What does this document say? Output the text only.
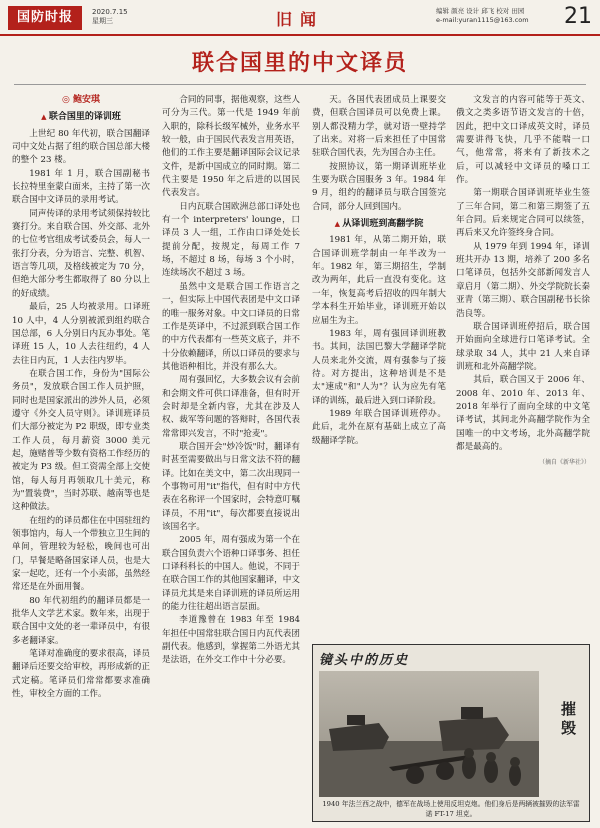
国防时报	2020.7.15
星期三	旧闻	编辑 颜亮 设计 邱飞 校对 田园
e-mail:yuran1115@163.com	21
联合国里的中文译员
◎ 鲍安琪
▲ 联合国里的译训班

上世纪 80 年代初，联合国翻译司中文处占据了组约联合国总部大楼的整个 23 楼。

1981 年 1 月，联合国副秘书长拉特里奎蒙白面来，主持了第一次联合国中文译员的录用考试。

同声传译的录用考试须保持较比赛打分。来自联合国、外交部、北外的七位考官组成考试委员会，每人一张打分表，分为语言、完整、机智、语言等几项，及格线被定为 70 分，但绝大部分考生都取得了 80 分以上的好成绩。

最后，25 人均被录用。口译班 10 人中，4 人分别被派到组约联合国总部，6 人分别日内瓦办事处。笔译班 15 人，10 人去往纽约，4 人去往日内瓦，1 人去往内罗毕。

在联合国工作，身份为"国际公务员"，发放联合国工作人员护照，同时也是国家派出的涉外人员，必须遵守《外交人员守则》。译训班译员们大部分被定为 P2 职级，即专业类工作人员，每月薪资 3000 美元起，施赌普等少数有资格工作经历的被定为 P3 级。但工资需全部上交使馆，每人每月再领取几十美元，称为"置装费"，当时苏联、越南等也是这种做法。

在纽约的译员都住在中国驻纽约领事馆内，每人一个带独立卫生间的单间，管理较为轻松，晚间也可出门，早餐是略备国家译人员，也是大家一起吃，还有一个小卖部，虽然经常还是在外面用餐。

80 年代初组约的翻译员都是一批华人文学艺术家。数年来，出现于联合国中文处的老一辈译员中，有很多老翻译家。

笔译对准确度的要求很高，译员翻译后还要交给审校，再形成新的正式定稿。笔译员们常常都要求准确性，审校全方面的工作。

合同的同事，据他观察，这些人可分为三代。第一代是 1949 年前入职的，除科长级军械外，业务水平较一般，由于国民代表发言用英语，他们的工作主要是翻译国际会议记录文件，是新中国成立的同时期。第二代主要是 1950 年之后进的以国民代表发言。

日内瓦联合国欧洲总部口译处也有一个 interpreters' lounge，口译员 3 人一组，工作由口译处处长提前分配，按规定，每周工作 7 场，不超过 8 场，每场 3 个小时，连续场次不超过 3 场。

虽然中文是联合国工作语言之一，但实际上中国代表团是中文口译的唯一服务对象。中文口译员的日常工作是英译中，不过派到联合国工作的中方代表都有一些英文底子，并不十分依赖翻译，所以口译员的要求与其他语种相比，并没有那么大。

周有强回忆，大多数会议有会前和会期文件可供口译准备，但有时开会时却是全新内容，尤其在涉及人权、裁军等问题的答辩时，各国代表常常即兴发言，不时"抢麦"。

联合国开会"炒冷饭"时，翻译有时甚至需要做出与日常文法不符的翻译。比如在美文中，第二次出现同一个事物可用"it"指代，但有时中方代表在名称评一个国家时，会特意叮嘱译员，不用"it"，每次都要直接说出该国名字。

2005 年，周有强成为第一个在联合国负责六个语种口译事务、担任口译科科长的中国人。他说，不同于在联合国工作的其他国家翻译，中文译员尤其是来自译训班的译员所运用的能力往往超出语言层面。

李道豫曾在 1983 年至 1984 年担任中国常驻联合国日内瓦代表团副代表。他感到，掌握第二外语尤其是法语，在外交工作中十分必要。

天。各国代表团成员上课要交费，但联合国译员可以免费上课。别人都没精力学，就对语一壁持学了出来。对将一后来担任了中国常驻联合国代表，先为国合办主任。

按照协议，第一期译训班毕业生要为联合国服务 3 年。1984 年 9 月，组约的翻译员与联合国签完合同，部分人回到国内。

▲ 从译训班到高翻学院

1981 年，从第二期开始，联合国译训班学制由一年半改为一年。1982 年，第三期招生，学制改为两年，此后一直没有变化。这一年，恢复高考后招收的四年制大学本科生开始毕业，译训班开始以应届生为主。

1983 年，周有强回译训班教书。其间，法国巴黎大学翻译学院人员来北外交流，周有强参与了接待。对方提出，这种培训是不是太"速成"和"人为"？认为应先有笔译的训练，最后进入到口译阶段。

1989 年联合国译训班停办。此后，北外在原有基础上成立了高级翻译学院。

文发言的内容可能等于英文、俄文之类多语节语文发言的十倍，因此，把中文口译成英文时，译员需要讲得飞快，几乎不能喘一口气，他常常，将来有了新技术之后，可以减轻中文译员的嗓口工作。

第一期联合国译训班毕业生签了三年合同，第二和第三期签了五年合同。后来规定合同可以续签，再后来又允许签终身合同。

从 1979 年到 1994 年，译训班共开办 13 期，培养了 200 多名口笔译员，包括外交部新闻发言人章启月（第二期）、外交学院院长秦亚青（第三期）、联合国副秘书长徐浩良等。

联合国译训班停招后，联合国开始面向全球进行口笔译考试。全球录取 34 人，其中 21 人来自译训班和北外高翻学院。

其后，联合国又于 2006 年、2008 年、2010 年、2013 年、2018 年举行了面向全球的中文笔译考试，其间北外高翻学院作为全国唯一的中文考场，北外高翻学院都是最高的。

（摘自《新华社》）

镜头中的历史
摧毁
1940 年法兰西之战中，德军在战场上使用反坦克炮。他们身后是两辆被摧毁的法军雷诺 FT-17 坦克。
